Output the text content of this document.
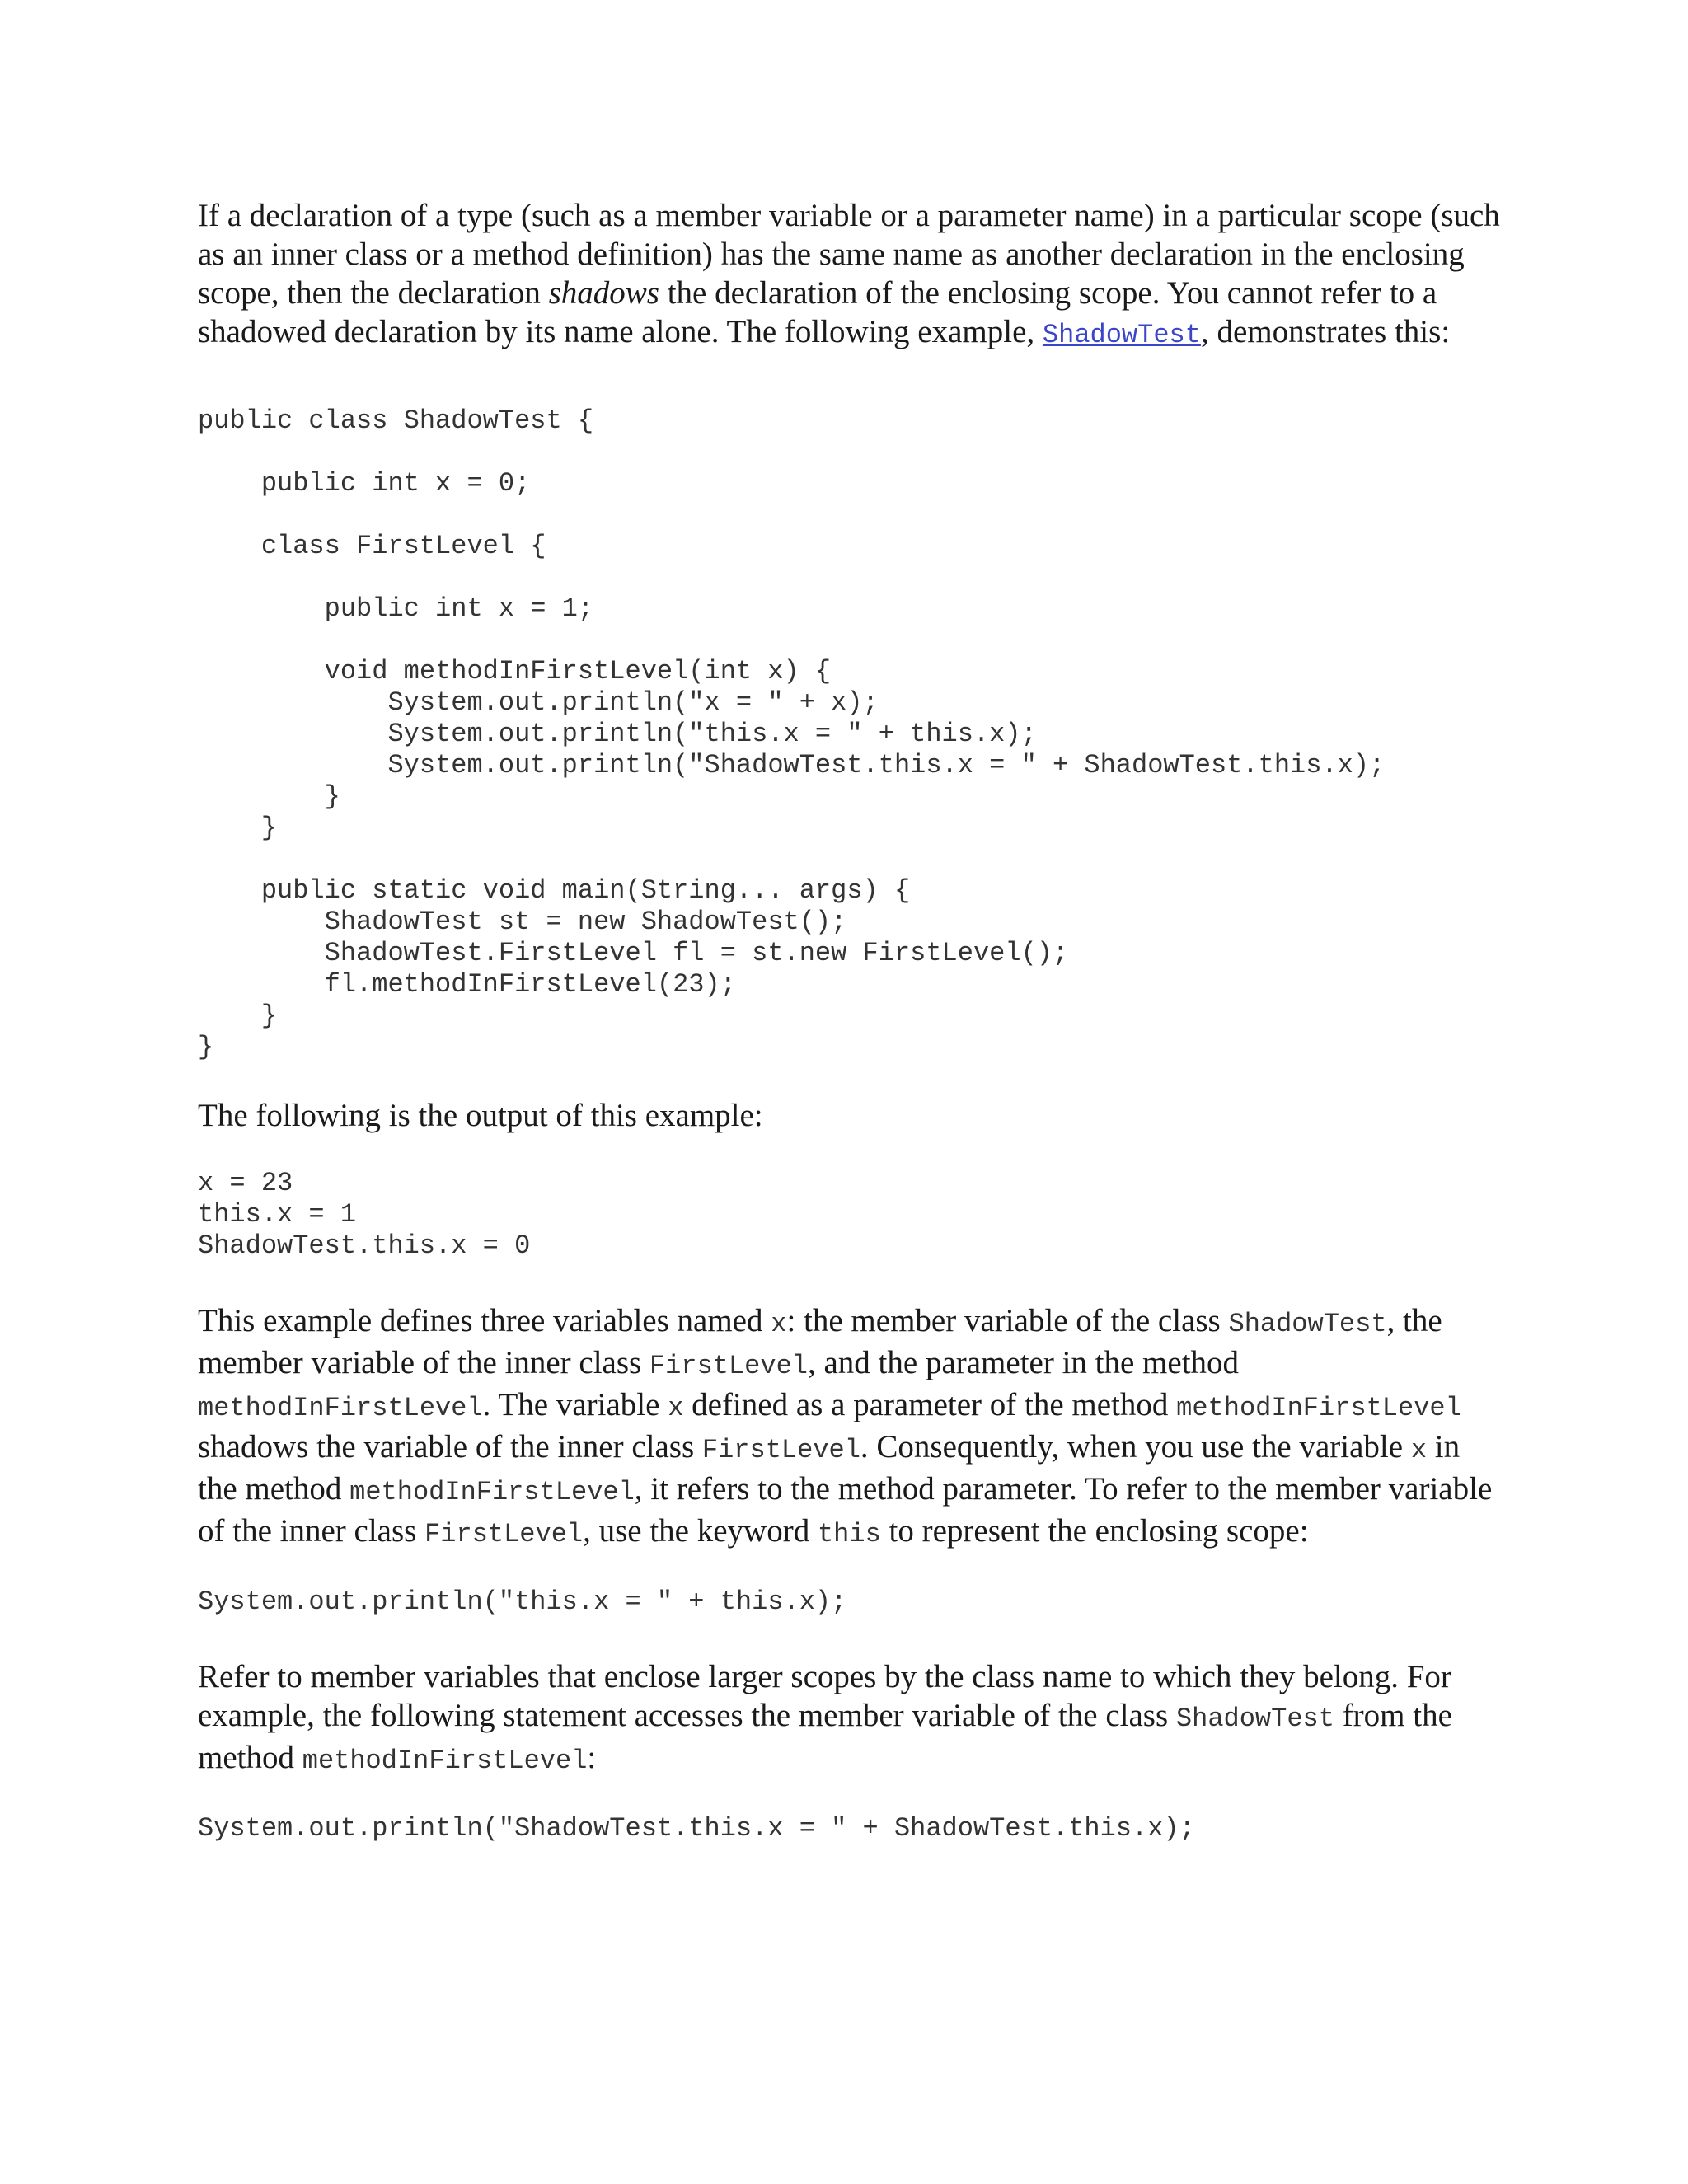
If a declaration of a type (such as a member variable or a parameter name) in a particular scope (such as an inner class or a method definition) has the same name as another declaration in the enclosing scope, then the declaration shadows the declaration of the enclosing scope. You cannot refer to a shadowed declaration by its name alone. The following example, ShadowTest, demonstrates this:

public class ShadowTest {

public int x = 0;

class FirstLevel {

public int x = 1;

void methodInFirstLevel(int x) {
System.out.println("x = " + x);
System.out.println("this.x = " + this.x);
System.out.println("ShadowTest.this.x = " + ShadowTest.this.x);
}
}

public static void main(String... args) {
ShadowTest st = new ShadowTest();
ShadowTest.FirstLevel fl = st.new FirstLevel();
fl.methodInFirstLevel(23);
}
}

The following is the output of this example:

x = 23
this.x = 1
ShadowTest.this.x = 0

This example defines three variables named x: the member variable of the class ShadowTest, the member variable of the inner class FirstLevel, and the parameter in the method methodInFirstLevel. The variable x defined as a parameter of the method methodInFirstLevel shadows the variable of the inner class FirstLevel. Consequently, when you use the variable x in the method methodInFirstLevel, it refers to the method parameter. To refer to the member variable of the inner class FirstLevel, use the keyword this to represent the enclosing scope:

System.out.println("this.x = " + this.x);

Refer to member variables that enclose larger scopes by the class name to which they belong. For example, the following statement accesses the member variable of the class ShadowTest from the method methodInFirstLevel:

System.out.println("ShadowTest.this.x = " + ShadowTest.this.x);
